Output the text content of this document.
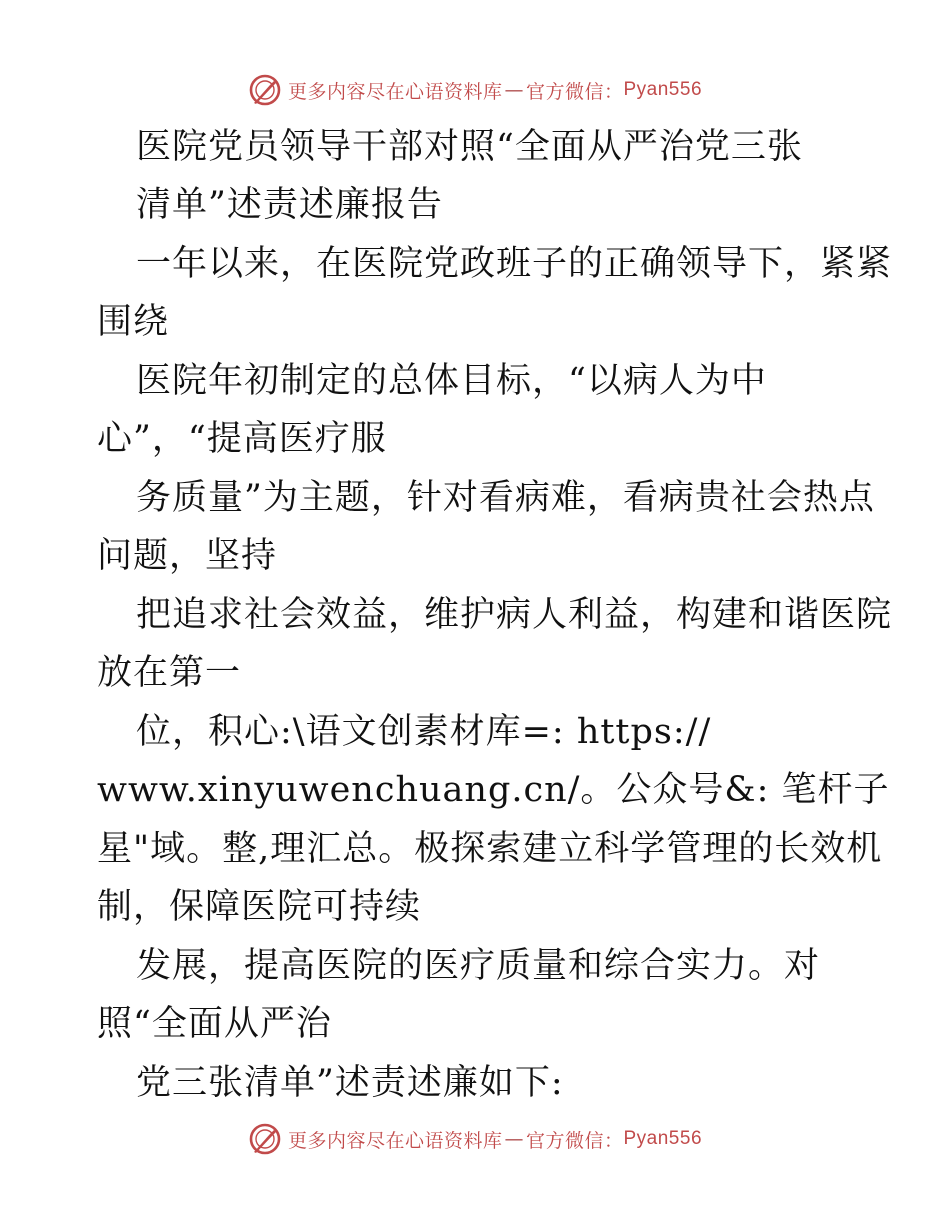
更多内容尽在心语资料库 — 官方微信： Pyan556
医院党员领导干部对照“全面从严治党三张
清单”述责述廉报告
一年以来，在医院党政班子的正确领导下，紧紧
围绕
医院年初制定的总体目标，“以病人为中
心”，“提高医疗服
务质量”为主题，针对看病难，看病贵社会热点
问题，坚持
把追求社会效益，维护病人利益，构建和谐医院
放在第一
位，积心:\语文创素材库=: https://
www.xinyuwenchuang.cn/。公众号&: 笔杆子
星"域。整,理汇总。极探索建立科学管理的长效机
制，保障医院可持续
发展，提高医院的医疗质量和综合实力。对
照“全面从严治
党三张清单”述责述廉如下:
更多内容尽在心语资料库 — 官方微信： Pyan556
